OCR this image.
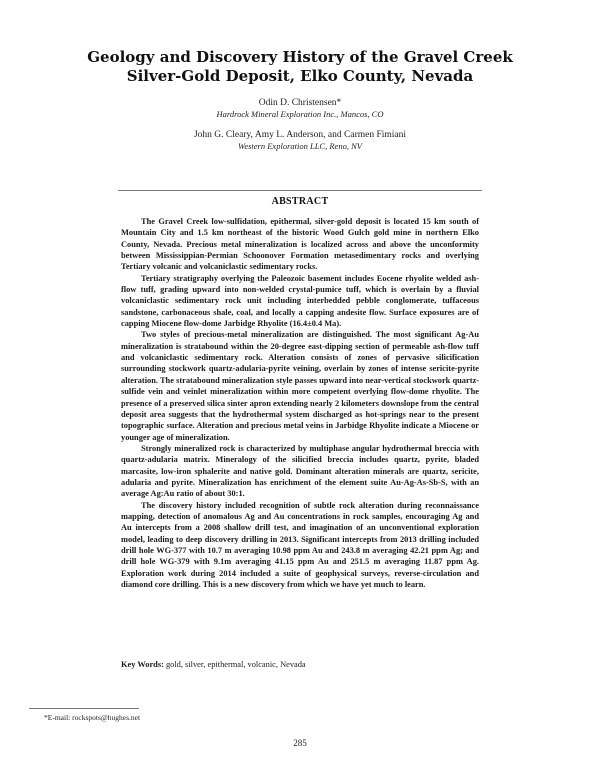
Geology and Discovery History of the Gravel Creek
Silver-Gold Deposit, Elko County, Nevada
Odin D. Christensen*
Hardrock Mineral Exploration Inc., Mancos, CO
John G. Cleary, Amy L. Anderson, and Carmen Fimiani
Western Exploration LLC, Reno, NV
ABSTRACT

The Gravel Creek low-sulfidation, epithermal, silver-gold deposit is located 15 km south of Mountain City and 1.5 km northeast of the historic Wood Gulch gold mine in northern Elko County, Nevada. Precious metal mineralization is localized across and above the unconformity between Mississippian-Permian Schoonover Formation metasedimentary rocks and overlying Tertiary volcanic and volcaniclastic sedimentary rocks.

Tertiary stratigraphy overlying the Paleozoic basement includes Eocene rhyolite welded ash-flow tuff, grading upward into non-welded crystal-pumice tuff, which is overlain by a fluvial volcaniclastic sedimentary rock unit including interbedded pebble conglomerate, tuffaceous sandstone, carbonaceous shale, coal, and locally a capping andesite flow. Surface exposures are of capping Miocene flow-dome Jarbidge Rhyolite (16.4±0.4 Ma).

Two styles of precious-metal mineralization are distinguished. The most significant Ag-Au mineralization is stratabound within the 20-degree east-dipping section of permeable ash-flow tuff and volcaniclastic sedimentary rock. Alteration consists of zones of pervasive silicification surrounding stockwork quartz-adularia-pyrite veining, overlain by zones of intense sericite-pyrite alteration. The stratabound mineralization style passes upward into near-vertical stockwork quartz-sulfide vein and veinlet mineralization within more competent overlying flow-dome rhyolite. The presence of a preserved silica sinter apron extending nearly 2 kilometers downslope from the central deposit area suggests that the hydrothermal system discharged as hot-springs near to the present topographic surface. Alteration and precious metal veins in Jarbidge Rhyolite indicate a Miocene or younger age of mineralization.

Strongly mineralized rock is characterized by multiphase angular hydrothermal breccia with quartz-adularia matrix. Mineralogy of the silicified breccia includes quartz, pyrite, bladed marcasite, low-iron sphalerite and native gold. Dominant alteration minerals are quartz, sericite, adularia and pyrite. Mineralization has enrichment of the element suite Au-Ag-As-Sb-S, with an average Ag:Au ratio of about 30:1.

The discovery history included recognition of subtle rock alteration during reconnaissance mapping, detection of anomalous Ag and Au concentrations in rock samples, encouraging Ag and Au intercepts from a 2008 shallow drill test, and imagination of an unconventional exploration model, leading to deep discovery drilling in 2013. Significant intercepts from 2013 drilling included drill hole WG-377 with 10.7 m averaging 10.98 ppm Au and 243.8 m averaging 42.21 ppm Ag; and drill hole WG-379 with 9.1m averaging 41.15 ppm Au and 251.5 m averaging 11.87 ppm Ag. Exploration work during 2014 included a suite of geophysical surveys, reverse-circulation and diamond core drilling. This is a new discovery from which we have yet much to learn.

Key Words: gold, silver, epithermal, volcanic, Nevada
*E-mail: rockspots@hughes.net
285
